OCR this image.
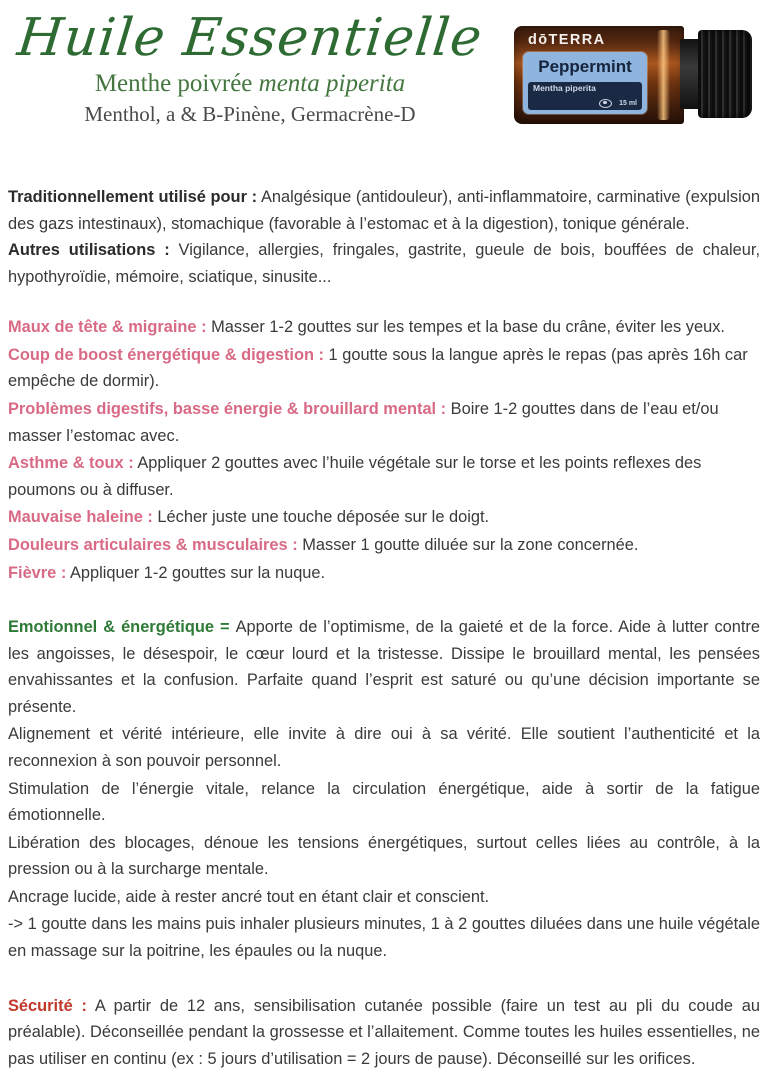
Huile Essentielle
Menthe poivrée menta piperita
Menthol, a & B-Pinène, Germacrène-D
dōTERRA
Peppermint
Mentha piperita
15 ml

Traditionnellement utilisé pour : Analgésique (antidouleur), anti-inflammatoire, carminative (expulsion des gazs intestinaux), stomachique (favorable à l’estomac et à la digestion), tonique générale.

Autres utilisations : Vigilance, allergies, fringales, gastrite, gueule de bois, bouffées de chaleur, hypothyroïdie, mémoire, sciatique, sinusite...

Maux de tête & migraine : Masser 1-2 gouttes sur les tempes et la base du crâne, éviter les yeux.

Coup de boost énergétique & digestion : 1 goutte sous la langue après le repas (pas après 16h car empêche de dormir).

Problèmes digestifs, basse énergie & brouillard mental : Boire 1-2 gouttes dans de l’eau et/ou masser l’estomac avec.

Asthme & toux : Appliquer 2 gouttes avec l’huile végétale sur le torse et les points reflexes des poumons ou à diffuser.

Mauvaise haleine : Lécher juste une touche déposée sur le doigt.

Douleurs articulaires & musculaires : Masser 1 goutte diluée sur la zone concernée.

Fièvre : Appliquer 1-2 gouttes sur la nuque.

Emotionnel & énergétique = Apporte de l’optimisme, de la gaieté et de la force. Aide à lutter contre les angoisses, le désespoir, le cœur lourd et la tristesse. Dissipe le brouillard mental, les pensées envahissantes et la confusion. Parfaite quand l’esprit est saturé ou qu’une décision importante se présente.

Alignement et vérité intérieure, elle invite à dire oui à sa vérité. Elle soutient l’authenticité et la reconnexion à son pouvoir personnel.

Stimulation de l’énergie vitale, relance la circulation énergétique, aide à sortir de la fatigue émotionnelle.

Libération des blocages, dénoue les tensions énergétiques, surtout celles liées au contrôle, à la pression ou à la surcharge mentale.

Ancrage lucide, aide à rester ancré tout en étant clair et conscient.

-> 1 goutte dans les mains puis inhaler plusieurs minutes, 1 à 2 gouttes diluées dans une huile végétale en massage sur la poitrine, les épaules ou la nuque.

Sécurité : A partir de 12 ans, sensibilisation cutanée possible (faire un test au pli du coude au préalable). Déconseillée pendant la grossesse et l’allaitement. Comme toutes les huiles essentielles, ne pas utiliser en continu (ex : 5 jours d’utilisation = 2 jours de pause). Déconseillé sur les orifices.
